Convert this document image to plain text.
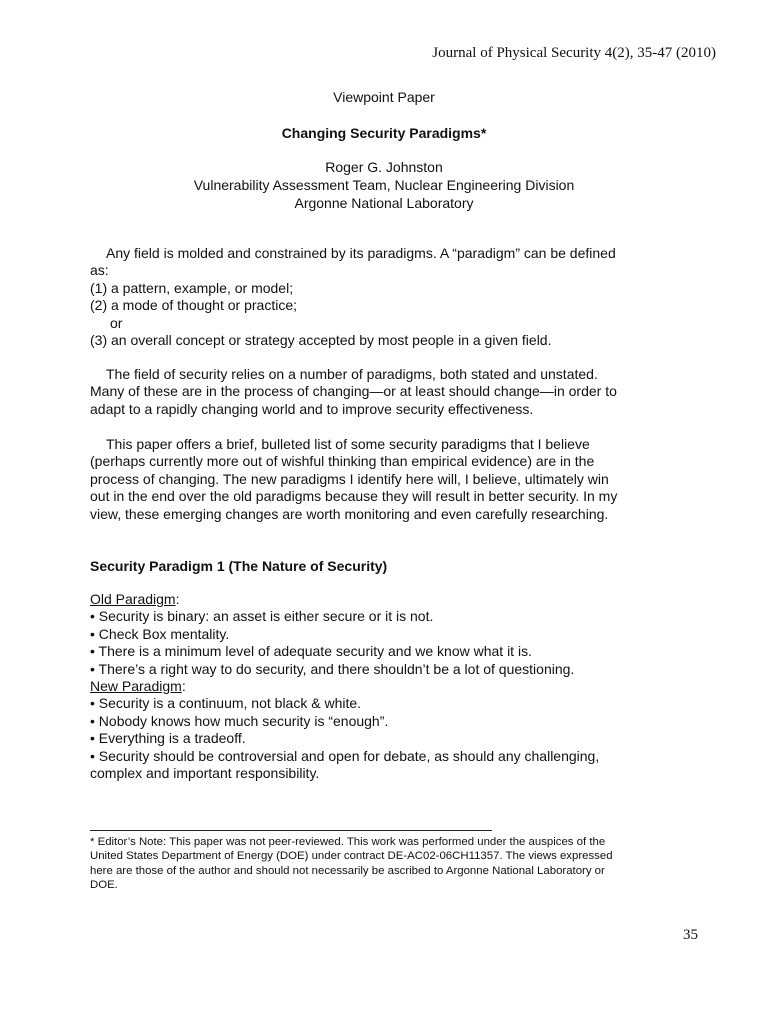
Journal of Physical Security 4(2), 35-47 (2010)
Viewpoint Paper
Changing Security Paradigms*
Roger G. Johnston
Vulnerability Assessment Team, Nuclear Engineering Division
Argonne National Laboratory

Any field is molded and constrained by its paradigms. A “paradigm” can be defined

as:

(1) a pattern, example, or model;

(2) a mode of thought or practice;

or

(3) an overall concept or strategy accepted by most people in a given field.

The field of security relies on a number of paradigms, both stated and unstated.

Many of these are in the process of changing—or at least should change—in order to

adapt to a rapidly changing world and to improve security effectiveness.

This paper offers a brief, bulleted list of some security paradigms that I believe

(perhaps currently more out of wishful thinking than empirical evidence) are in the

process of changing. The new paradigms I identify here will, I believe, ultimately win

out in the end over the old paradigms because they will result in better security. In my

view, these emerging changes are worth monitoring and even carefully researching.

Security Paradigm 1 (The Nature of Security)

Old Paradigm:

• Security is binary: an asset is either secure or it is not.

• Check Box mentality.

• There is a minimum level of adequate security and we know what it is.

• There’s a right way to do security, and there shouldn’t be a lot of questioning.

New Paradigm:

• Security is a continuum, not black & white.

• Nobody knows how much security is “enough”.

• Everything is a tradeoff.

• Security should be controversial and open for debate, as should any challenging,

complex and important responsibility.

* Editor’s Note: This paper was not peer-reviewed. This work was performed under the auspices of the
United States Department of Energy (DOE) under contract DE-AC02-06CH11357. The views expressed
here are those of the author and should not necessarily be ascribed to Argonne National Laboratory or
DOE.
35
